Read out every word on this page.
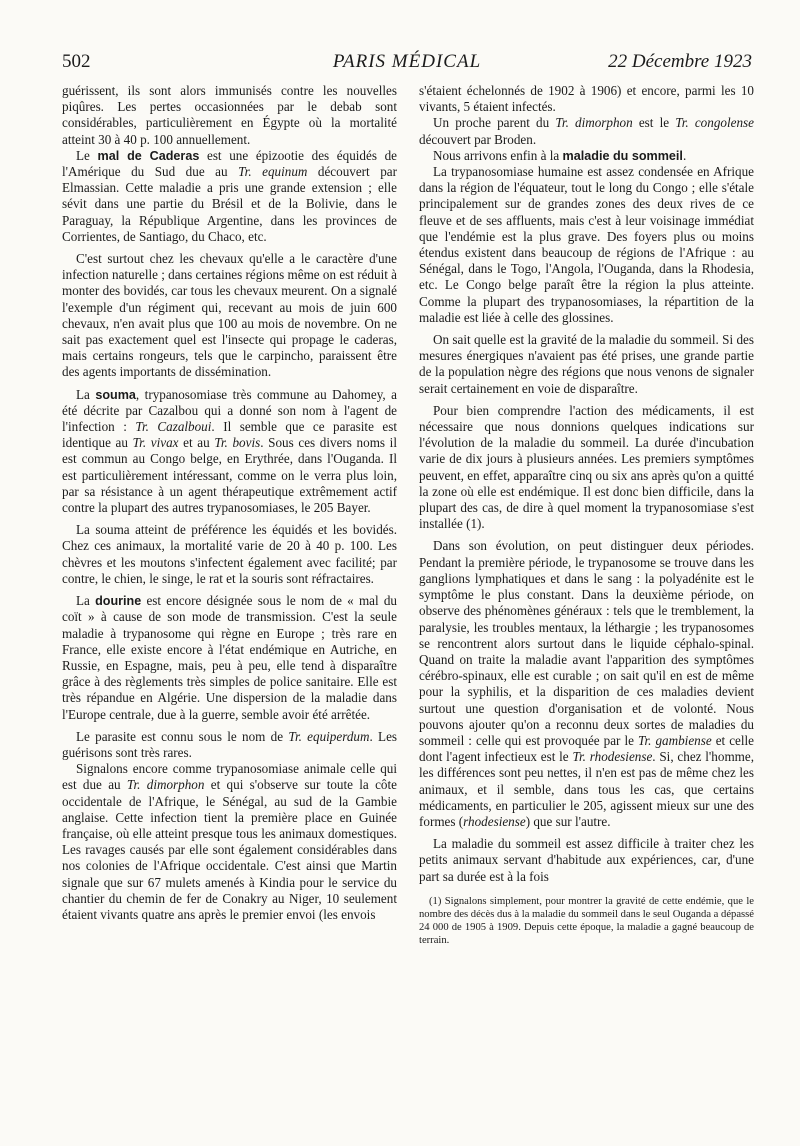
502	PARIS MÉDICAL	22 Décembre 1923

guérissent, ils sont alors immunisés contre les nouvelles piqûres. Les pertes occasionnées par le debab sont considérables, particulièrement en Égypte où la mortalité atteint 30 à 40 p. 100 annuellement.

Le mal de Caderas est une épizootie des équidés de l'Amérique du Sud due au Tr. equinum découvert par Elmassian. Cette maladie a pris une grande extension ; elle sévit dans une partie du Brésil et de la Bolivie, dans le Paraguay, la République Argentine, dans les provinces de Corrientes, de Santiago, du Chaco, etc.

C'est surtout chez les chevaux qu'elle a le caractère d'une infection naturelle ; dans certaines régions même on est réduit à monter des bovidés, car tous les chevaux meurent. On a signalé l'exemple d'un régiment qui, recevant au mois de juin 600 chevaux, n'en avait plus que 100 au mois de novembre. On ne sait pas exactement quel est l'insecte qui propage le caderas, mais certains rongeurs, tels que le carpincho, paraissent être des agents importants de dissémination.

La souma, trypanosomiase très commune au Dahomey, a été décrite par Cazalbou qui a donné son nom à l'agent de l'infection : Tr. Cazalboui. Il semble que ce parasite est identique au Tr. vivax et au Tr. bovis. Sous ces divers noms il est commun au Congo belge, en Erythrée, dans l'Ouganda. Il est particulièrement intéressant, comme on le verra plus loin, par sa résistance à un agent thérapeutique extrêmement actif contre la plupart des autres trypanosomiases, le 205 Bayer.

La souma atteint de préférence les équidés et les bovidés. Chez ces animaux, la mortalité varie de 20 à 40 p. 100. Les chèvres et les moutons s'infectent également avec facilité; par contre, le chien, le singe, le rat et la souris sont réfractaires.

La dourine est encore désignée sous le nom de « mal du coït » à cause de son mode de transmission. C'est la seule maladie à trypanosome qui règne en Europe ; très rare en France, elle existe encore à l'état endémique en Autriche, en Russie, en Espagne, mais, peu à peu, elle tend à disparaître grâce à des règlements très simples de police sanitaire. Elle est très répandue en Algérie. Une dispersion de la maladie dans l'Europe centrale, due à la guerre, semble avoir été arrêtée.

Le parasite est connu sous le nom de Tr. equiperdum. Les guérisons sont très rares.

Signalons encore comme trypanosomiase animale celle qui est due au Tr. dimorphon et qui s'observe sur toute la côte occidentale de l'Afrique, le Sénégal, au sud de la Gambie anglaise. Cette infection tient la première place en Guinée française, où elle atteint presque tous les animaux domestiques. Les ravages causés par elle sont également considérables dans nos colonies de l'Afrique occidentale. C'est ainsi que Martin signale que sur 67 mulets amenés à Kindia pour le service du chantier du chemin de fer de Conakry au Niger, 10 seulement étaient vivants quatre ans après le premier envoi (les envois

s'étaient échelonnés de 1902 à 1906) et encore, parmi les 10 vivants, 5 étaient infectés.

Un proche parent du Tr. dimorphon est le Tr. congolense découvert par Broden.

Nous arrivons enfin à la maladie du sommeil.

La trypanosomiase humaine est assez condensée en Afrique dans la région de l'équateur, tout le long du Congo ; elle s'étale principalement sur de grandes zones des deux rives de ce fleuve et de ses affluents, mais c'est à leur voisinage immédiat que l'endémie est la plus grave. Des foyers plus ou moins étendus existent dans beaucoup de régions de l'Afrique : au Sénégal, dans le Togo, l'Angola, l'Ouganda, dans la Rhodesia, etc. Le Congo belge paraît être la région la plus atteinte. Comme la plupart des trypanosomiases, la répartition de la maladie est liée à celle des glossines.

On sait quelle est la gravité de la maladie du sommeil. Si des mesures énergiques n'avaient pas été prises, une grande partie de la population nègre des régions que nous venons de signaler serait certainement en voie de disparaître.

Pour bien comprendre l'action des médicaments, il est nécessaire que nous donnions quelques indications sur l'évolution de la maladie du sommeil. La durée d'incubation varie de dix jours à plusieurs années. Les premiers symptômes peuvent, en effet, apparaître cinq ou six ans après qu'on a quitté la zone où elle est endémique. Il est donc bien difficile, dans la plupart des cas, de dire à quel moment la trypanosomiase s'est installée (1).

Dans son évolution, on peut distinguer deux périodes. Pendant la première période, le trypanosome se trouve dans les ganglions lymphatiques et dans le sang : la polyadénite est le symptôme le plus constant. Dans la deuxième période, on observe des phénomènes généraux : tels que le tremblement, la paralysie, les troubles mentaux, la léthargie ; les trypanosomes se rencontrent alors surtout dans le liquide céphalo-spinal. Quand on traite la maladie avant l'apparition des symptômes cérébro-spinaux, elle est curable ; on sait qu'il en est de même pour la syphilis, et la disparition de ces maladies devient surtout une question d'organisation et de volonté. Nous pouvons ajouter qu'on a reconnu deux sortes de maladies du sommeil : celle qui est provoquée par le Tr. gambiense et celle dont l'agent infectieux est le Tr. rhodesiense. Si, chez l'homme, les différences sont peu nettes, il n'en est pas de même chez les animaux, et il semble, dans tous les cas, que certains médicaments, en particulier le 205, agissent mieux sur une des formes (rhodesiense) que sur l'autre.

La maladie du sommeil est assez difficile à traiter chez les petits animaux servant d'habitude aux expériences, car, d'une part sa durée est à la fois

(1) Signalons simplement, pour montrer la gravité de cette endémie, que le nombre des décès dus à la maladie du sommeil dans le seul Ouganda a dépassé 24 000 de 1905 à 1909. Depuis cette époque, la maladie a gagné beaucoup de terrain.
